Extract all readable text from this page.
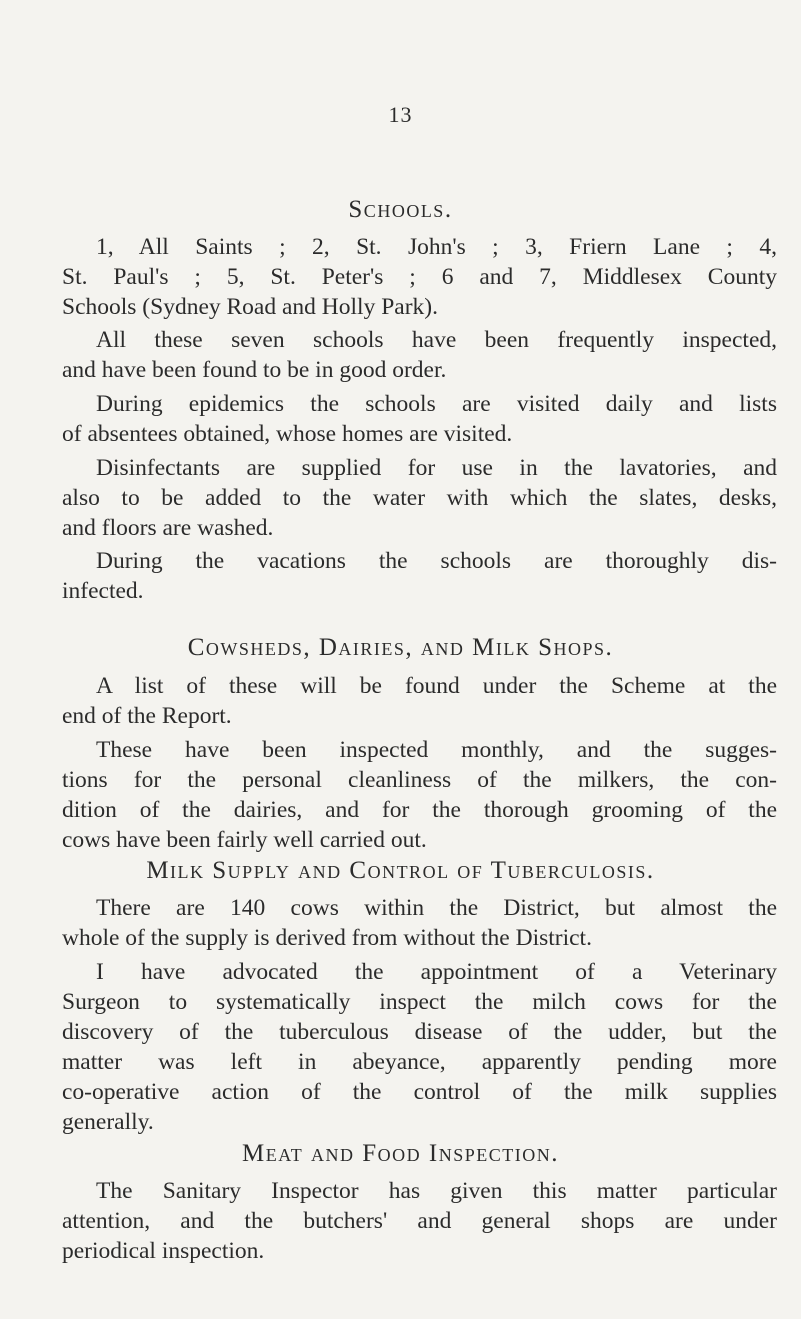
13
Schools.

1, All Saints ; 2, St. John's ; 3, Friern Lane ; 4,
St. Paul's ; 5, St. Peter's ; 6 and 7, Middlesex County
Schools (Sydney Road and Holly Park).

All these seven schools have been frequently inspected,
and have been found to be in good order.

During epidemics the schools are visited daily and lists
of absentees obtained, whose homes are visited.

Disinfectants are supplied for use in the lavatories, and
also to be added to the water with which the slates, desks,
and floors are washed.

During the vacations the schools are thoroughly dis-
infected.

Cowsheds, Dairies, and Milk Shops.

A list of these will be found under the Scheme at the
end of the Report.

These have been inspected monthly, and the sugges-
tions for the personal cleanliness of the milkers, the con-
dition of the dairies, and for the thorough grooming of the
cows have been fairly well carried out.

Milk Supply and Control of Tuberculosis.

There are 140 cows within the District, but almost the
whole of the supply is derived from without the District.

I have advocated the appointment of a Veterinary
Surgeon to systematically inspect the milch cows for the
discovery of the tuberculous disease of the udder, but the
matter was left in abeyance, apparently pending more
co-operative action of the control of the milk supplies
generally.

Meat and Food Inspection.

The Sanitary Inspector has given this matter particular
attention, and the butchers' and general shops are under
periodical inspection.
